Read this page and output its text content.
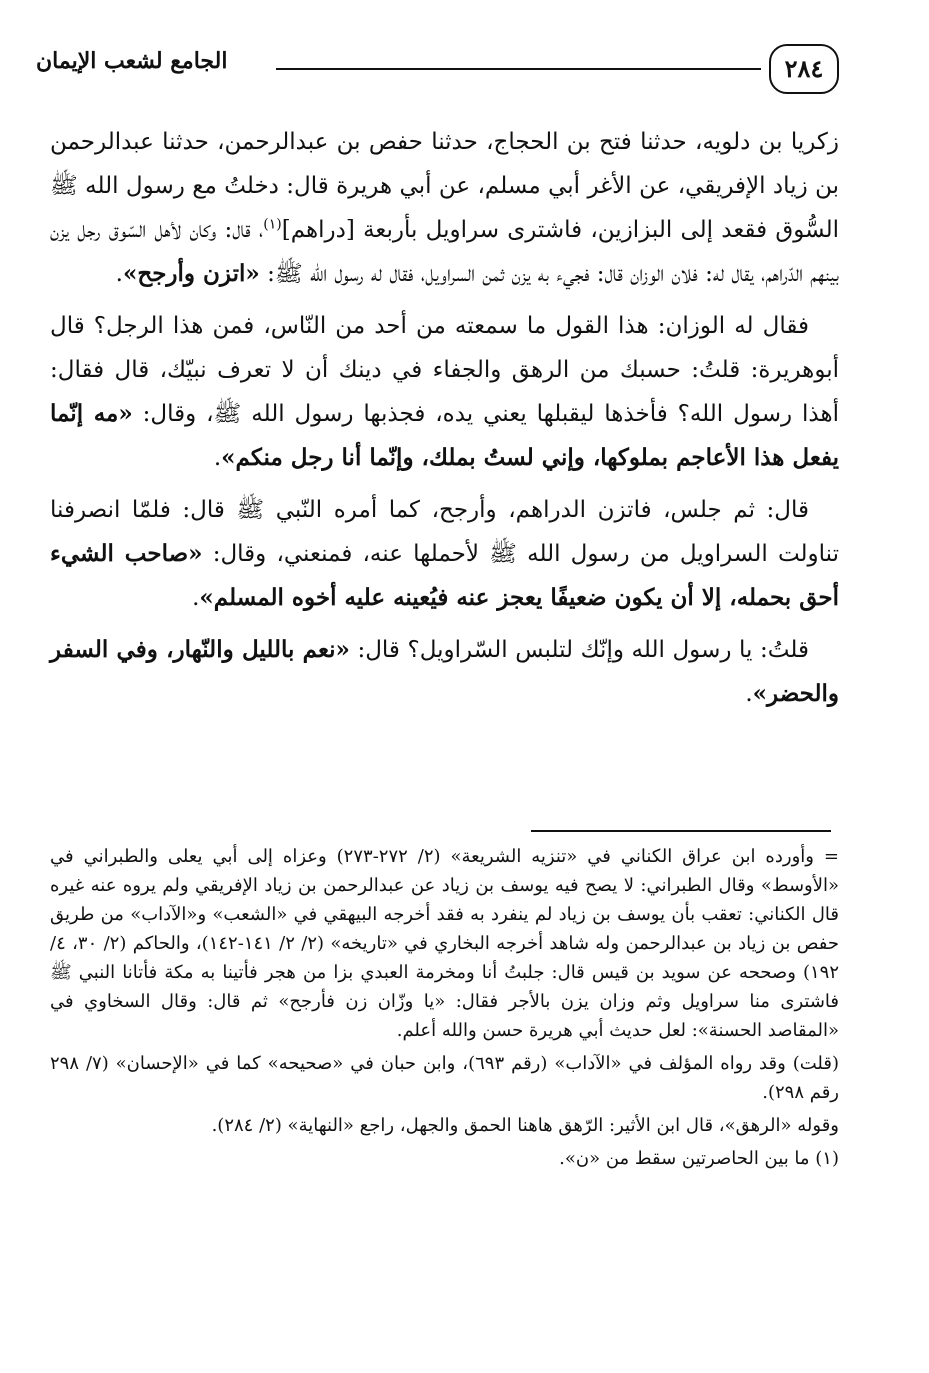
الجامع لشعب الإيمان	٢٨٤

زكريا بن دلويه، حدثنا فتح بن الحجاج، حدثنا حفص بن عبدالرحمن، حدثنا عبدالرحمن بن زياد الإفريقي، عن الأغر أبي مسلم، عن أبي هريرة قال: دخلتُ مع رسول الله ﷺ السُّوق فقعد إلى البزازين، فاشترى سراويل بأربعة [دراهم]$^{(١)}$، قال: وكان لأهل السّوق رجل يزن بينهم الدّراهم، يقال له: فلان الوزان قال: فجيء به يزن ثمن السراويل، فقال له رسول الله ﷺ: «اتزن وأرجح».

فقال له الوزان: هذا القول ما سمعته من أحد من النّاس، فمن هذا الرجل؟ قال أبوهريرة: قلتُ: حسبك من الرهق والجفاء في دينك أن لا تعرف نبيّك، قال فقال: أهذا رسول الله؟ فأخذها ليقبلها يعني يده، فجذبها رسول الله ﷺ، وقال: «مه إنّما يفعل هذا الأعاجم بملوكها، وإني لستُ بملك، وإنّما أنا رجل منكم».

قال: ثم جلس، فاتزن الدراهم، وأرجح، كما أمره النّبي ﷺ قال: فلمّا انصرفنا تناولت السراويل من رسول الله ﷺ لأحملها عنه، فمنعني، وقال: «صاحب الشيء أحق بحمله، إلا أن يكون ضعيفًا يعجز عنه فيُعينه عليه أخوه المسلم».

قلتُ: يا رسول الله وإنّك لتلبس السّراويل؟ قال: «نعم بالليل والنّهار، وفي السفر والحضر».

= وأورده ابن عراق الكناني في «تنزيه الشريعة» (٢/ ٢٧٢-٢٧٣) وعزاه إلى أبي يعلى والطبراني في «الأوسط» وقال الطبراني: لا يصح فيه يوسف بن زياد عن عبدالرحمن بن زياد الإفريقي ولم يروه عنه غيره قال الكناني: تعقب بأن يوسف بن زياد لم ينفرد به فقد أخرجه البيهقي في «الشعب» و«الآداب» من طريق حفص بن زياد بن عبدالرحمن وله شاهد أخرجه البخاري في «تاريخه» (٢/ ٢/ ١٤١-١٤٢)، والحاكم (٢/ ٣٠، ٤/ ١٩٢) وصححه عن سويد بن قيس قال: جلبتُ أنا ومخرمة العبدي بزا من هجر فأتينا به مكة فأتانا النبي ﷺ فاشترى منا سراويل وثم وزان يزن بالأجر فقال: «يا وزّان زن فأرجح» ثم قال: وقال السخاوي في «المقاصد الحسنة»: لعل حديث أبي هريرة حسن والله أعلم.

(قلت) وقد رواه المؤلف في «الآداب» (رقم ٦٩٣)، وابن حبان في «صحيحه» كما في «الإحسان» (٧/ ٢٩٨ رقم ٢٩٨).

وقوله «الرهق»، قال ابن الأثير: الرّهق هاهنا الحمق والجهل، راجع «النهاية» (٢/ ٢٨٤).

(١) ما بين الحاصرتين سقط من «ن».
